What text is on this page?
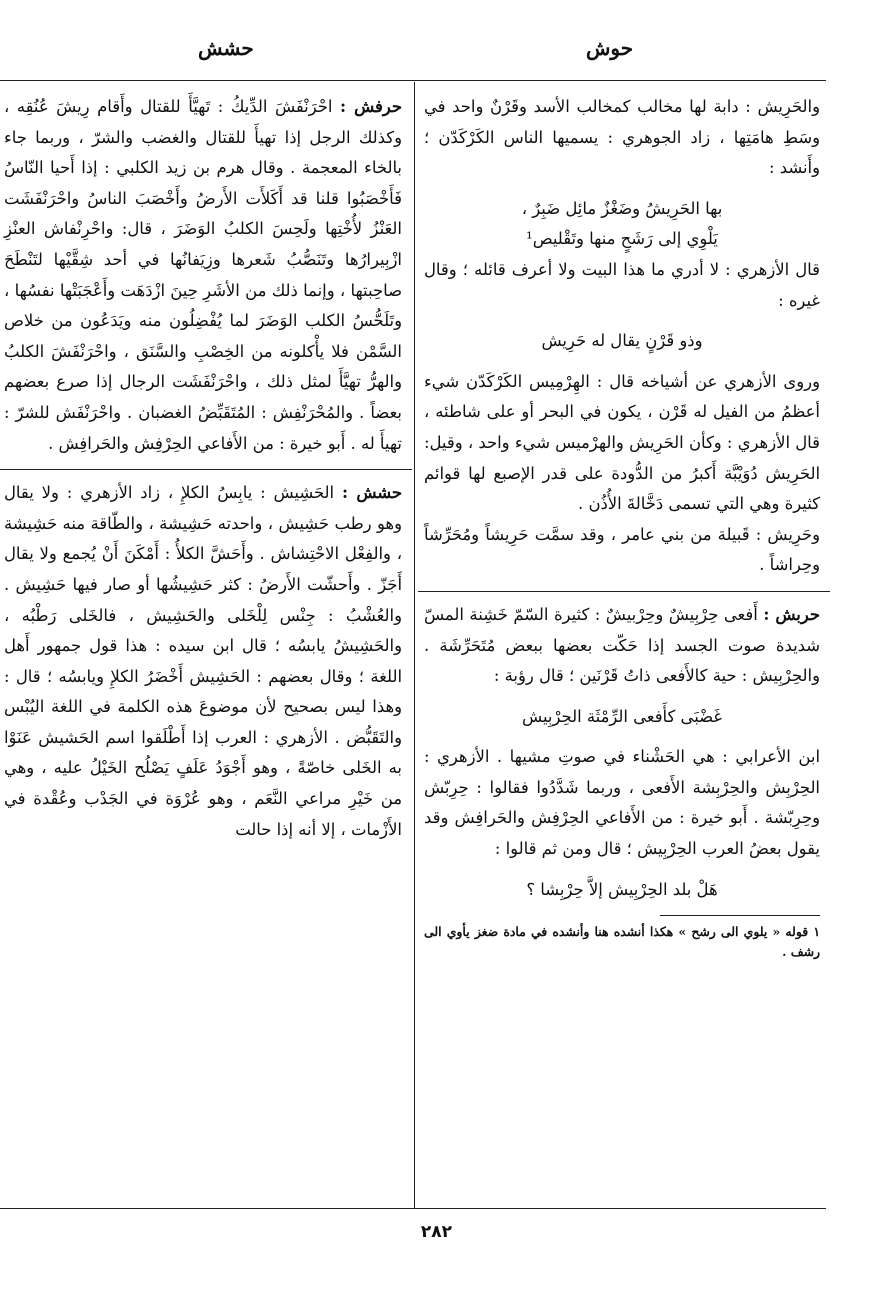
حوش
حشش

والحَرِيش : دابة لها مخالب كمخالب الأسد وقَرْنٌ واحد في وسَطِ هامَتِها ، زاد الجوهري : يسميها الناس الكَرْكَدّن ؛ وأَنشد :

بها الحَرِيشُ وضَغْزٌ مائِل ضَبِرٌ ،

يَلْوِي إلى رَشَحٍ منها وتَقْليص¹

قال الأزهري : لا أدري ما هذا البيت ولا أعرف قائله ؛ وقال غيره :

وذو قَرْنٍ يقال له حَرِيش

وروى الأزهري عن أشياخه قال : الهِرْمِيس الكَرْكَدّن شيء أعظمُ من الفيل له قَرْن ، يكون في البحر أو على شاطئه ، قال الأزهري : وكأن الحَرِيش والهرْميس شيء واحد ، وقيل: الحَرِيش دُوَيْبَّة أَكبرُ من الدُّودة على قدر الإصبع لها قوائم كثيرة وهي التي تسمى دَخَّالةَ الأُذُن .

وحَرِيش : قَبيلة من بني عامر ، وقد سمَّت حَرِيشاً ومُحَرِّشاً وحِراشاً .

حربش : أَفعى حِرْبِيشٌ وحِرْبيشٌ : كثيرة السّمّ خَشِنة المسّ شديدة صوت الجسد إذا حَكّت بعضها ببعض مُتَحَرِّشَة . والحِرْبِيش : حية كالأَفعى ذاتُ قَرْنَين ؛ قال رؤبة :

غَضْبَى كأَفعى الرِّمْثَة الحِرْبِيش

ابن الأعرابي : هي الحَشْناء في صوتِ مشيها . الأزهري : الحِرْبِش والحِرْبِشة الأَفعى ، وربما شَدَّدُوا فقالوا : حِرِبّش وحِرِبّشة . أَبو خيرة : من الأَفاعي الحِرْفِش والحَرافِش وقد يقول بعضُ العرب الحِرْبِيش ؛ قال ومن ثم قالوا :

هَلْ بلد الحِرْبِيش إلاَّ حِرْبِشا ؟

١ قوله « يلوي الى رشح » هكذا أنشده هنا وأنشده في مادة ضغز يأوي الى رشف .

حرفش : احْرَنْفَشَ الدِّيكُ : تَهيَّأَ للقتال وأَقام رِيشَ عُنُقِه ، وكذلك الرجل إذا تهيأَ للقتال والغضب والشرّ ، وربما جاء بالخاء المعجمة . وقال هرم بن زيد الكلبي : إذا أَحيا النّاسُ فَأَخْصَبُوا قلنا قد أَكَلأَت الأَرضُ وأَخْصَبَ الناسُ واحْرَنْفَشَت العَنْزُ لأُخْتِها ولَحِسَ الكلبُ الوَضَرَ ، قال: واحْرِنْفاش العنْزِ ازْبِيرارُها وتَنَصُّبُ شَعرها وزِيَفانُها في أحد شِقَّيْها لتَنْطَحَ صاحِبتها ، وإنما ذلك من الأشَرِ حِينَ ازْدَهَت وأَعْجَبَتْها نفسُها ، وتَلَحُّسُ الكلب الوَضَرَ لما يُفْضِلُون منه ويَدَعُون من خلاص السَّمْن فلا يأْكلونه من الخِصْبِ والسَّنَق ، واحْرَنْفَشَ الكلبُ والهرُّ تهيَّأَ لمثل ذلك ، واحْرَنْفَشَت الرجال إذا صرع بعضهم بعضاً . والمُحْرَنْفِش : المُتَقَبِّضُ الغضبان . واحْرَنْفَش للشرّ : تهيأَ له . أَبو خيرة : من الأَفاعي الحِرْفِش والحَرافِش .

حشش : الحَشِيش : يابِسُ الكلإِ ، زاد الأزهري : ولا يقال وهو رطب حَشِيش ، واحدته حَشِيشة ، والطّاقة منه حَشِيشة ، والفِعْل الاحْتِشاش . وأَحَشَّ الكلأُ : أَمْكَنَ أَنْ يُجمع ولا يقال أَجَزّ . وأَحشّت الأَرضُ : كثر حَشِيشُها أو صار فيها حَشِيش . والعُشْبُ : جِنْس لِلْخَلى والحَشِيش ، فالخَلى رَطْبُه ، والحَشِيشُ يابسُه ؛ قال ابن سيده : هذا قول جمهور أَهل اللغة ؛ وقال بعضهم : الحَشِيش أَخْضَرُ الكلإِ ويابسُه ؛ قال : وهذا ليس بصحيح لأن موضوعَ هذه الكلمة في اللغة اليُبْس والتَقَبُّض . الأزهري : العرب إذا أَطْلَقوا اسم الحَشيش عَنَوْا به الخَلى خاصّةً ، وهو أَجْوَدُ عَلَفٍ يَصْلُح الخَيْلُ عليه ، وهي من خَيْرِ مراعي النَّعَم ، وهو عُرْوَة في الجَدْب وعُقْدة في الأَزْمات ، إلا أنه إذا حالت

٢٨٢
